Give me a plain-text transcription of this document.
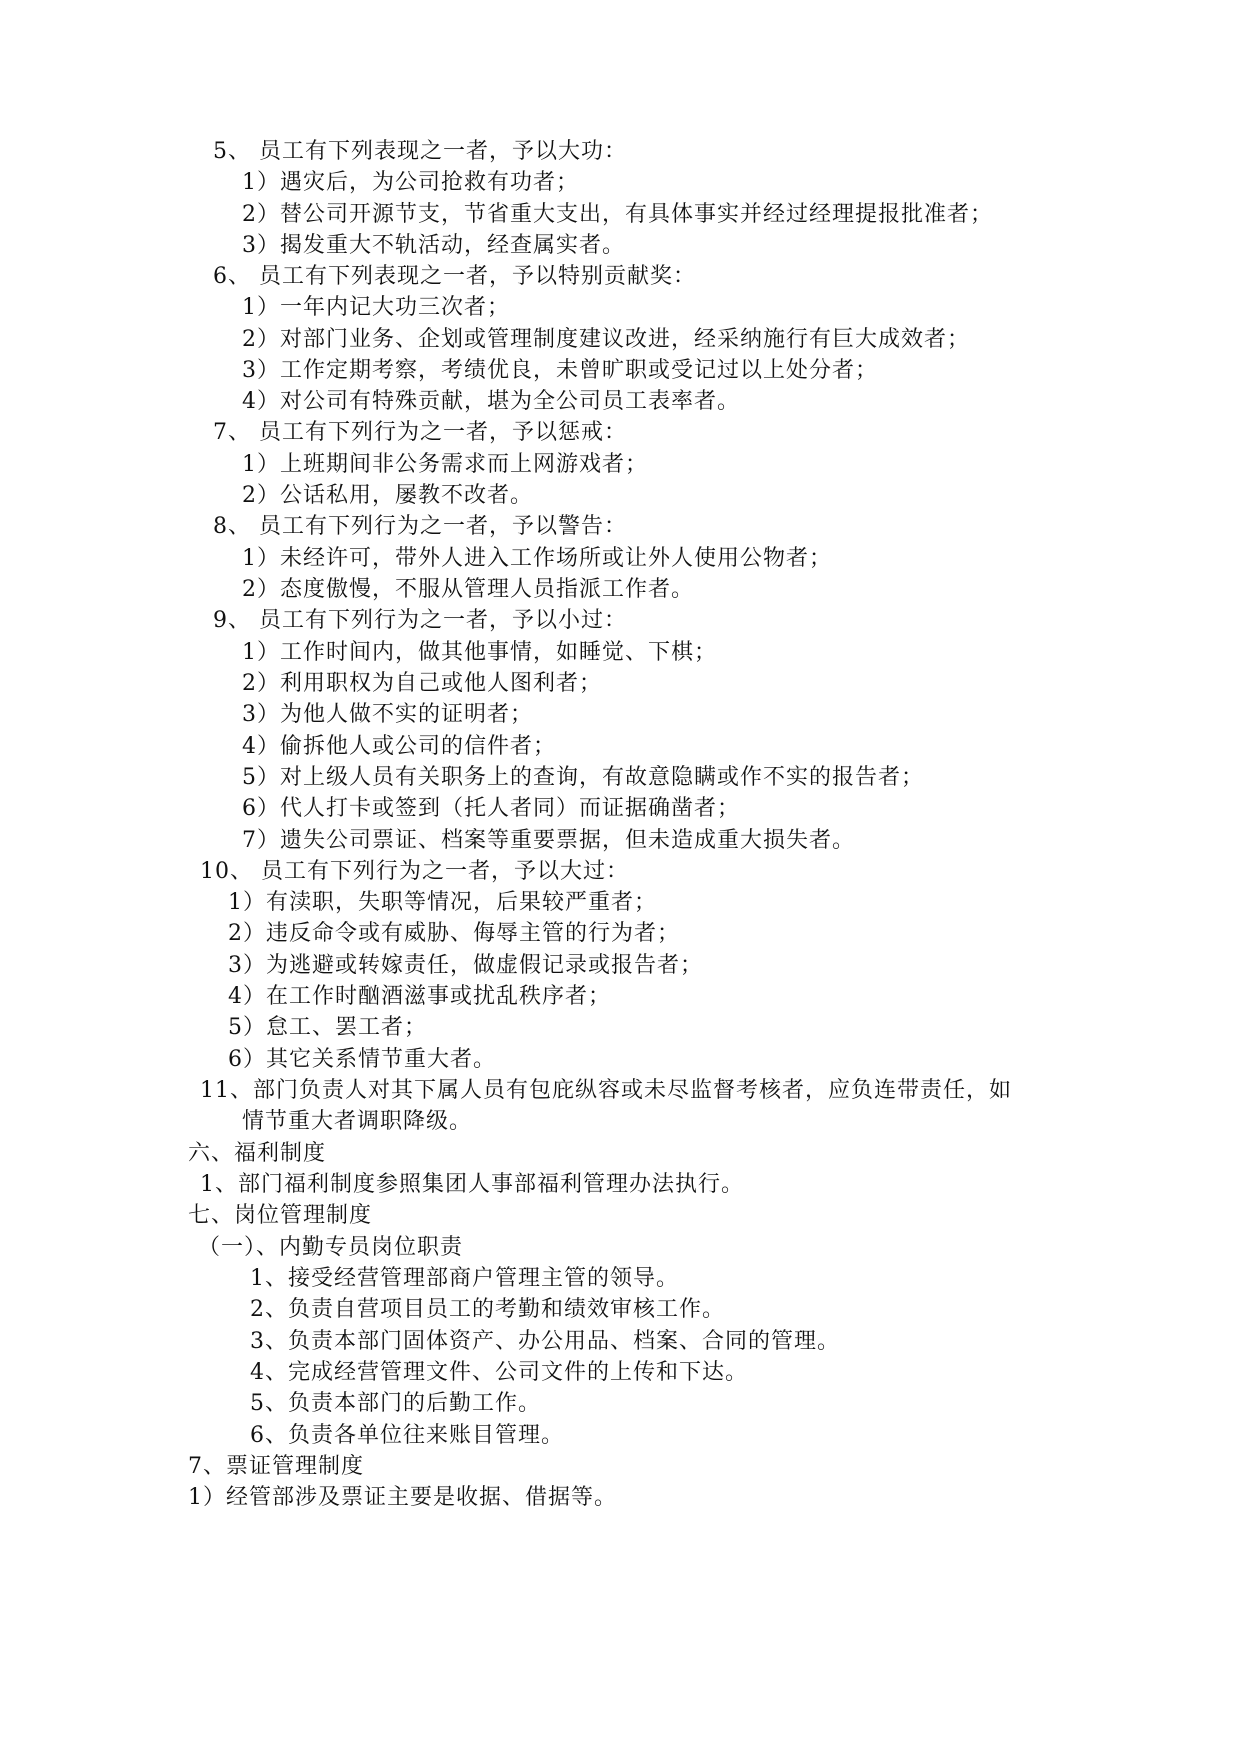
5、 员工有下列表现之一者，予以大功：
1）遇灾后，为公司抢救有功者；
2）替公司开源节支，节省重大支出，有具体事实并经过经理提报批准者；
3）揭发重大不轨活动，经查属实者。
6、 员工有下列表现之一者，予以特别贡献奖：
1）一年内记大功三次者；
2）对部门业务、企划或管理制度建议改进，经采纳施行有巨大成效者；
3）工作定期考察，考绩优良，未曾旷职或受记过以上处分者；
4）对公司有特殊贡献，堪为全公司员工表率者。
7、 员工有下列行为之一者，予以惩戒：
1）上班期间非公务需求而上网游戏者；
2）公话私用，屡教不改者。
8、 员工有下列行为之一者，予以警告：
1）未经许可，带外人进入工作场所或让外人使用公物者；
2）态度傲慢，不服从管理人员指派工作者。
9、 员工有下列行为之一者，予以小过：
1）工作时间内，做其他事情，如睡觉、下棋；
2）利用职权为自己或他人图利者；
3）为他人做不实的证明者；
4）偷拆他人或公司的信件者；
5）对上级人员有关职务上的查询，有故意隐瞒或作不实的报告者；
6）代人打卡或签到（托人者同）而证据确凿者；
7）遗失公司票证、档案等重要票据，但未造成重大损失者。
10、 员工有下列行为之一者，予以大过：
1）有渎职，失职等情况，后果较严重者；
2）违反命令或有威胁、侮辱主管的行为者；
3）为逃避或转嫁责任，做虚假记录或报告者；
4）在工作时酗酒滋事或扰乱秩序者；
5）怠工、罢工者；
6）其它关系情节重大者。
11、部门负责人对其下属人员有包庇纵容或未尽监督考核者，应负连带责任，如
情节重大者调职降级。
六、福利制度
1、部门福利制度参照集团人事部福利管理办法执行。
七、岗位管理制度
（一）、内勤专员岗位职责
1、接受经营管理部商户管理主管的领导。
2、负责自营项目员工的考勤和绩效审核工作。
3、负责本部门固体资产、办公用品、档案、合同的管理。
4、完成经营管理文件、公司文件的上传和下达。
5、负责本部门的后勤工作。
6、负责各单位往来账目管理。
7、票证管理制度
1）经管部涉及票证主要是收据、借据等。
